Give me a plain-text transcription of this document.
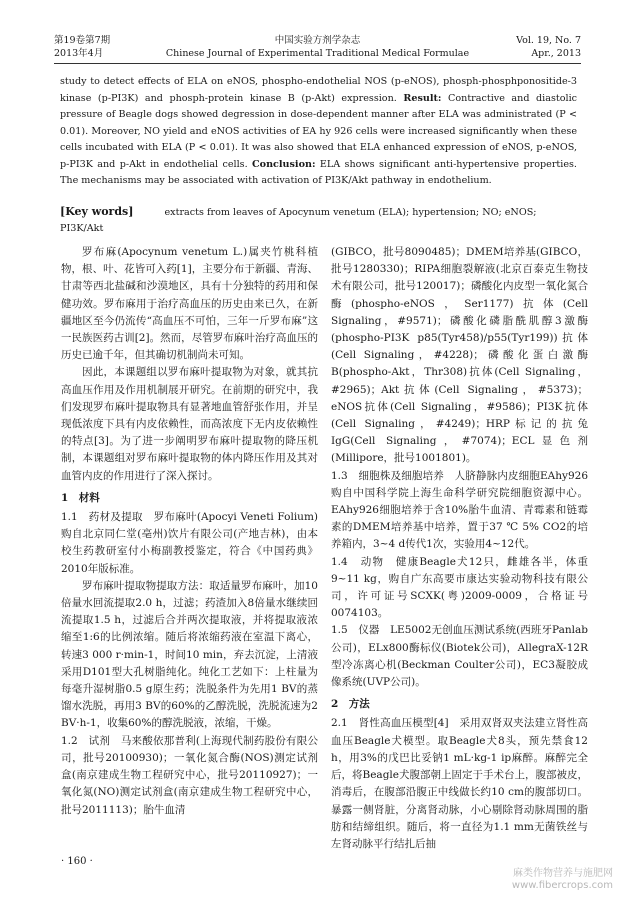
第19卷第7期
2013年4月
中国实验方剂学杂志
Chinese Journal of Experimental Traditional Medical Formulae
Vol. 19, No. 7
Apr., 2013
study to detect effects of ELA on eNOS, phospho-endothelial NOS (p-eNOS), phosph-phosphponositide-3 kinase (p-PI3K) and phosph-protein kinase B (p-Akt) expression. Result: Contractive and diastolic pressure of Beagle dogs showed degression in dose-dependent manner after ELA was administrated (P < 0.01). Moreover, NO yield and eNOS activities of EA hy 926 cells were increased significantly when these cells incubated with ELA (P < 0.01). It was also showed that ELA enhanced expression of eNOS, p-eNOS, p-PI3K and p-Akt in endothelial cells. Conclusion: ELA shows significant anti-hypertensive properties. The mechanisms may be associated with activation of PI3K/Akt pathway in endothelium.
[Key words]	extracts from leaves of Apocynum venetum (ELA); hypertension; NO; eNOS; PI3K/Akt

罗布麻(Apocynum venetum L.)属夹竹桃科植物，根、叶、花皆可入药[1]，主要分布于新疆、青海、甘肃等西北盐碱和沙漠地区，具有十分独特的药用和保健功效。罗布麻用于治疗高血压的历史由来已久，在新疆地区至今仍流传“高血压不可怕，三年一斤罗布麻”这一民族医药古训[2]。然而，尽管罗布麻叶治疗高血压的历史已逾千年，但其确切机制尚未可知。

因此，本课题组以罗布麻叶提取物为对象，就其抗高血压作用及作用机制展开研究。在前期的研究中，我们发现罗布麻叶提取物具有显著地血管舒张作用，并呈现低浓度下具有内皮依赖性，而高浓度下无内皮依赖性的特点[3]。为了进一步阐明罗布麻叶提取物的降压机制，本课题组对罗布麻叶提取物的体内降压作用及其对血管内皮的作用进行了深入探讨。

1　材料

1.1　药材及提取　罗布麻叶(Apocyi Veneti Folium)购自北京同仁堂(亳州)饮片有限公司(产地吉林)，由本校生药教研室付小梅副教授鉴定，符合《中国药典》2010年版标准。

罗布麻叶提取物提取方法：取适量罗布麻叶，加10倍量水回流提取2.0 h，过滤；药渣加入8倍量水继续回流提取1.5 h，过滤后合并两次提取液，并将提取液浓缩至1:6的比例浓缩。随后将浓缩药液在室温下离心，转速3 000 r·min-1，时间10 min，弃去沉淀，上清液采用D101型大孔树脂纯化。纯化工艺如下：上柱量为每毫升湿树脂0.5 g原生药；洗脱条件为先用1 BV的蒸馏水洗脱，再用3 BV的60%的乙醇洗脱，洗脱流速为2 BV·h-1，收集60%的醇洗脱液，浓缩，干燥。

1.2　试剂　马来酸依那普利(上海现代制药股份有限公司，批号20100930)；一氧化氮合酶(NOS)测定试剂盒(南京建成生物工程研究中心，批号20110927)；一氧化氮(NO)测定试剂盒(南京建成生物工程研究中心，批号2011113)；胎牛血清

(GIBCO，批号8090485)；DMEM培养基(GIBCO，批号1280330)；RIPA细胞裂解液(北京百泰克生物技术有限公司，批号120017)；磷酸化内皮型一氧化氮合酶(phospho-eNOS，Ser1177)抗体(Cell Signaling，#9571)；磷酸化磷脂酰肌醇3激酶(phospho-PI3K p85(Tyr458)/p55(Tyr199))抗体(Cell Signaling，#4228)；磷酸化蛋白激酶B(phospho-Akt，Thr308)抗体(Cell Signaling，#2965)；Akt抗体(Cell Signaling，#5373)；eNOS抗体(Cell Signaling，#9586)；PI3K抗体(Cell Signaling，#4249)；HRP标记的抗兔IgG(Cell Signaling，#7074)；ECL显色剂(Millipore，批号1001801)。

1.3　细胞株及细胞培养　人脐静脉内皮细胞EAhy926购自中国科学院上海生命科学研究院细胞资源中心。EAhy926细胞培养于含10%胎牛血清、青霉素和链霉素的DMEM培养基中培养，置于37 ℃ 5% CO2的培养箱内，3~4 d传代1次，实验用4~12代。

1.4　动物　健康Beagle犬12只，雌雄各半，体重9~11 kg，购自广东高要市康达实验动物科技有限公司，许可证号SCXK(粤)2009-0009，合格证号0074103。

1.5　仪器　LE5002无创血压测试系统(西班牙Panlab公司)，ELx800酶标仪(Biotek公司)，AllegraX-12R型冷冻离心机(Beckman Coulter公司)，EC3凝胶成像系统(UVP公司)。

2　方法

2.1　肾性高血压模型[4]　采用双肾双夹法建立肾性高血压Beagle犬模型。取Beagle犬8头，预先禁食12 h，用3%的戊巴比妥钠1 mL·kg-1 ip麻醉。麻醉完全后，将Beagle犬腹部朝上固定于手术台上，腹部被皮，消毒后，在腹部沿腹正中线做长约10 cm的腹部切口。暴露一侧肾脏，分离肾动脉，小心剔除肾动脉周围的脂肪和结缔组织。随后，将一直径为1.1 mm无菌铁丝与左肾动脉平行结扎后抽

· 160 ·
麻类作物营养与施肥网
www.fibercrops.com
